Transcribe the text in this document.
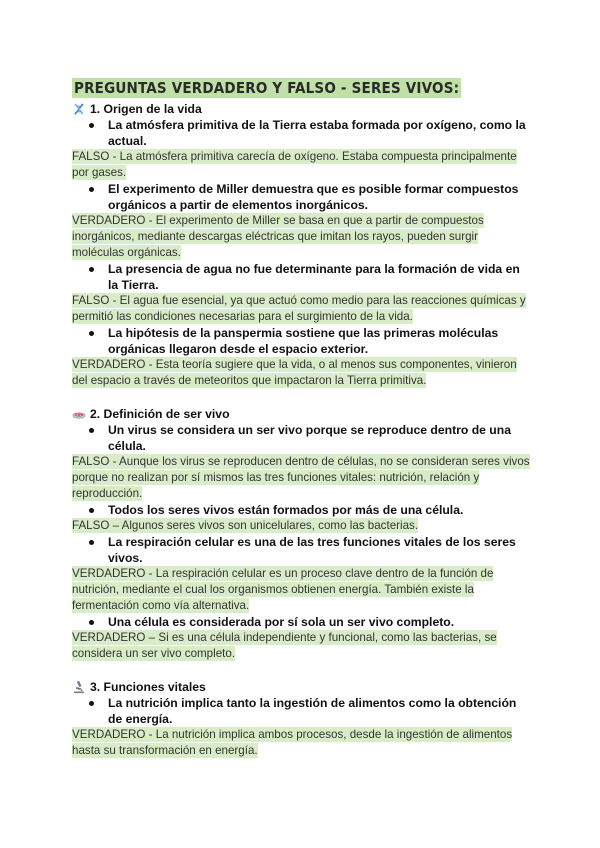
PREGUNTAS VERDADERO Y FALSO - SERES VIVOS:
1. Origen de la vida
La atmósfera primitiva de la Tierra estaba formada por oxígeno, como la actual.
FALSO - La atmósfera primitiva carecía de oxígeno. Estaba compuesta principalmente por gases.
El experimento de Miller demuestra que es posible formar compuestos orgánicos a partir de elementos inorgánicos.
VERDADERO - El experimento de Miller se basa en que a partir de compuestos inorgánicos, mediante descargas eléctricas que imitan los rayos, pueden surgir moléculas orgánicas.
La presencia de agua no fue determinante para la formación de vida en la Tierra.
FALSO - El agua fue esencial, ya que actuó como medio para las reacciones químicas y permitió las condiciones necesarias para el surgimiento de la vida.
La hipótesis de la panspermia sostiene que las primeras moléculas orgánicas llegaron desde el espacio exterior.
VERDADERO - Esta teoría sugiere que la vida, o al menos sus componentes, vinieron del espacio a través de meteoritos que impactaron la Tierra primitiva.
2. Definición de ser vivo
Un virus se considera un ser vivo porque se reproduce dentro de una célula.
FALSO - Aunque los virus se reproducen dentro de células, no se consideran seres vivos porque no realizan por sí mismos las tres funciones vitales: nutrición, relación y reproducción.
Todos los seres vivos están formados por más de una célula.
FALSO – Algunos seres vivos son unicelulares, como las bacterias.
La respiración celular es una de las tres funciones vitales de los seres vivos.
VERDADERO - La respiración celular es un proceso clave dentro de la función de nutrición, mediante el cual los organismos obtienen energía. También existe la fermentación como vía alternativa.
Una célula es considerada por sí sola un ser vivo completo.
VERDADERO – Si es una célula independiente y funcional, como las bacterias, se considera un ser vivo completo.
3. Funciones vitales
La nutrición implica tanto la ingestión de alimentos como la obtención de energía.
VERDADERO - La nutrición implica ambos procesos, desde la ingestión de alimentos hasta su transformación en energía.
